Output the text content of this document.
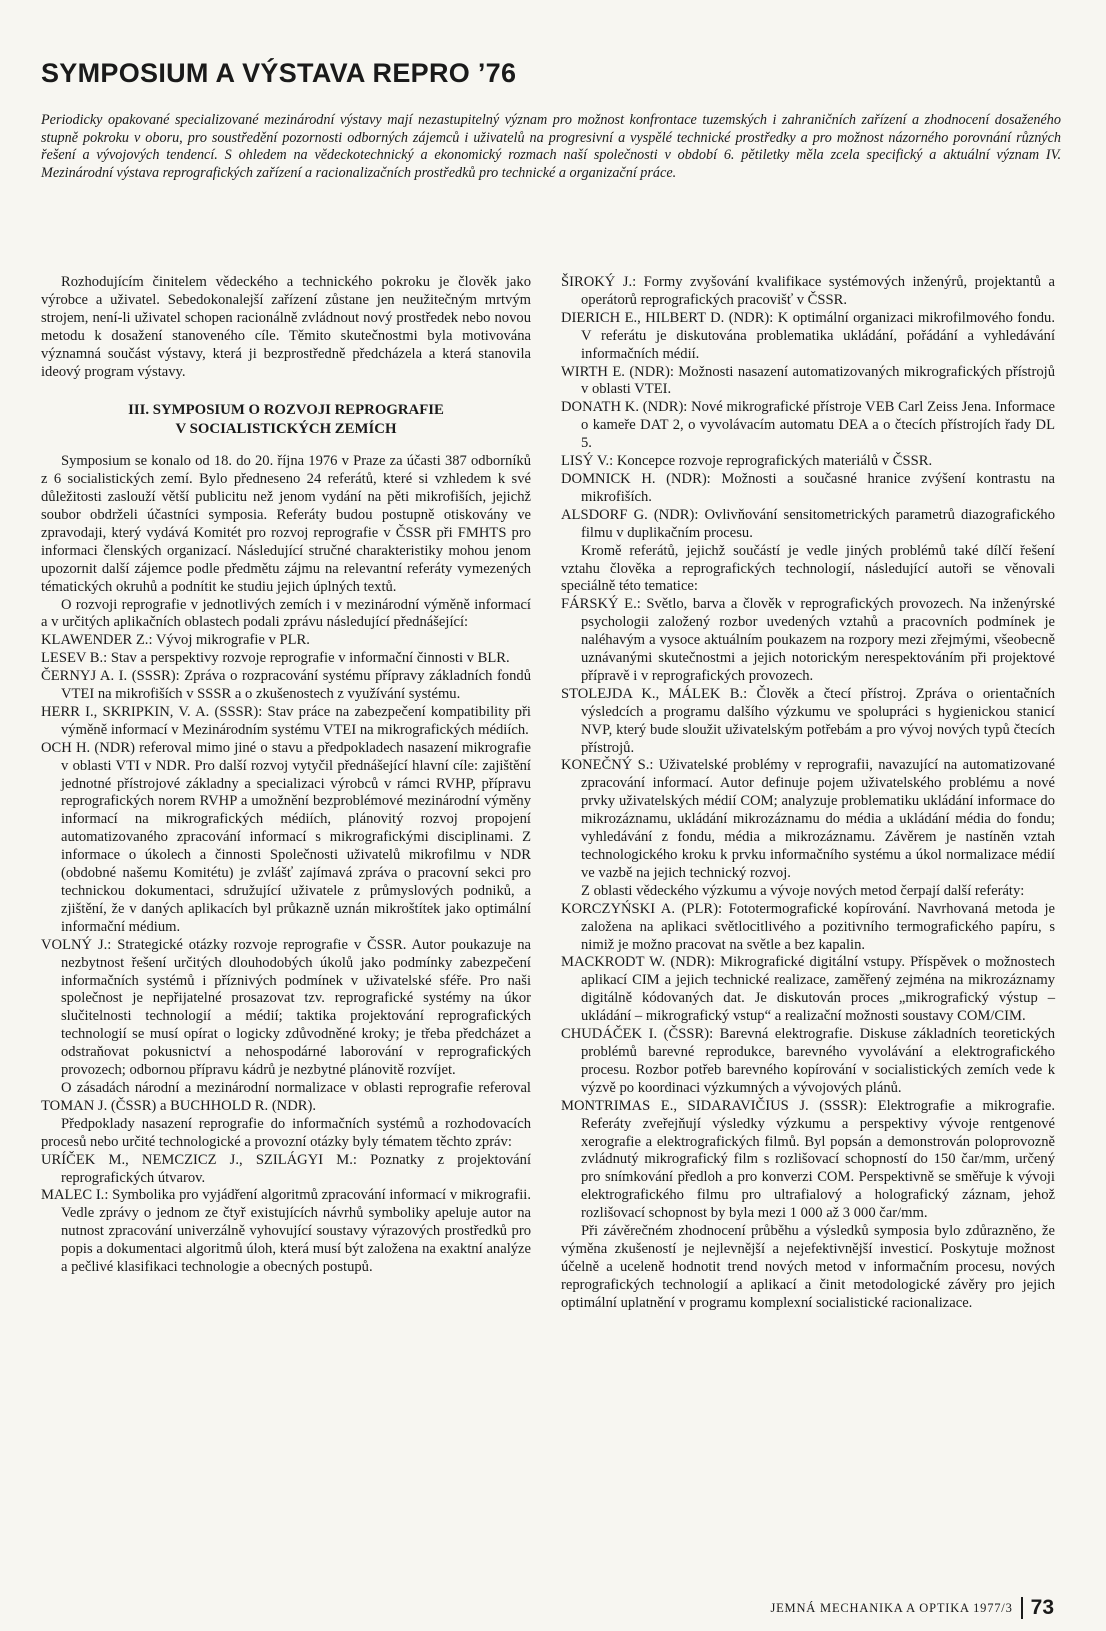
SYMPOSIUM A VÝSTAVA REPRO ’76
Periodicky opakované specializované mezinárodní výstavy mají nezastupitelný význam pro možnost konfrontace tuzemských i zahraničních zařízení a zhodnocení dosaženého stupně pokroku v oboru, pro soustředění pozornosti odborných zájemců i uživatelů na progresivní a vyspělé technické prostředky a pro možnost názorného porovnání různých řešení a vývojových tendencí. S ohledem na vědeckotechnický a ekonomický rozmach naší společnosti v období 6. pětiletky měla zcela specifický a aktuální význam IV. Mezinárodní výstava reprografických zařízení a racionalizačních prostředků pro technické a organizační práce.

Rozhodujícím činitelem vědeckého a technického pokroku je člověk jako výrobce a uživatel. Sebedokonalejší zařízení zůstane jen neužitečným mrtvým strojem, není-li uživatel schopen racionálně zvládnout nový prostředek nebo novou metodu k dosažení stanoveného cíle. Těmito skutečnostmi byla motivována významná součást výstavy, která ji bezprostředně předcházela a která stanovila ideový program výstavy.

III. SYMPOSIUM O ROZVOJI REPROGRAFIE
V SOCIALISTICKÝCH ZEMÍCH

Symposium se konalo od 18. do 20. října 1976 v Praze za účasti 387 odborníků z 6 socialistických zemí. Bylo předneseno 24 referátů, které si vzhledem k své důležitosti zaslouží větší publicitu než jenom vydání na pěti mikrofiších, jejichž soubor obdrželi účastníci symposia. Referáty budou postupně otiskovány ve zpravodaji, který vydává Komitét pro rozvoj reprografie v ČSSR při FMHTS pro informaci členských organizací. Následující stručné charakteristiky mohou jenom upozornit další zájemce podle předmětu zájmu na relevantní referáty vymezených tématických okruhů a podnítit ke studiu jejich úplných textů.

O rozvoji reprografie v jednotlivých zemích i v mezinárodní výměně informací a v určitých aplikačních oblastech podali zprávu následující přednášející:

KLAWENDER Z.: Vývoj mikrografie v PLR.

LESEV B.: Stav a perspektivy rozvoje reprografie v informační činnosti v BLR.

ČERNYJ A. I. (SSSR): Zpráva o rozpracování systému přípravy základních fondů VTEI na mikrofiších v SSSR a o zkušenostech z využívání systému.

HERR I., SKRIPKIN, V. A. (SSSR): Stav práce na zabezpečení kompatibility při výměně informací v Mezinárodním systému VTEI na mikrografických médiích.

OCH H. (NDR) referoval mimo jiné o stavu a předpokladech nasazení mikrografie v oblasti VTI v NDR. Pro další rozvoj vytyčil přednášející hlavní cíle: zajištění jednotné přístrojové základny a specializaci výrobců v rámci RVHP, přípravu reprografických norem RVHP a umožnění bezproblémové mezinárodní výměny informací na mikrografických médiích, plánovitý rozvoj propojení automatizovaného zpracování informací s mikrografickými disciplinami. Z informace o úkolech a činnosti Společnosti uživatelů mikrofilmu v NDR (obdobné našemu Komitétu) je zvlášť zajímavá zpráva o pracovní sekci pro technickou dokumentaci, sdružující uživatele z průmyslových podniků, a zjištění, že v daných aplikacích byl průkazně uznán mikroštítek jako optimální informační médium.

VOLNÝ J.: Strategické otázky rozvoje reprografie v ČSSR. Autor poukazuje na nezbytnost řešení určitých dlouhodobých úkolů jako podmínky zabezpečení informačních systémů i příznivých podmínek v uživatelské sféře. Pro naši společnost je nepřijatelné prosazovat tzv. reprografické systémy na úkor slučitelnosti technologií a médií; taktika projektování reprografických technologií se musí opírat o logicky zdůvodněné kroky; je třeba předcházet a odstraňovat pokusnictví a nehospodárné laborování v reprografických provozech; odbornou přípravu kádrů je nezbytné plánovitě rozvíjet.

O zásadách národní a mezinárodní normalizace v oblasti reprografie referoval TOMAN J. (ČSSR) a BUCHHOLD R. (NDR).

Předpoklady nasazení reprografie do informačních systémů a rozhodovacích procesů nebo určité technologické a provozní otázky byly tématem těchto zpráv:

URÍČEK M., NEMCZICZ J., SZILÁGYI M.: Poznatky z projektování reprografických útvarov.

MALEC I.: Symbolika pro vyjádření algoritmů zpracování informací v mikrografii. Vedle zprávy o jednom ze čtyř existujících návrhů symboliky apeluje autor na nutnost zpracování univerzálně vyhovující soustavy výrazových prostředků pro popis a dokumentaci algoritmů úloh, která musí být založena na exaktní analýze a pečlivé klasifikaci technologie a obecných postupů.

ŠIROKÝ J.: Formy zvyšování kvalifikace systémových inženýrů, projektantů a operátorů reprografických pracovišť v ČSSR.

DIERICH E., HILBERT D. (NDR): K optimální organizaci mikrofilmového fondu. V referátu je diskutována problematika ukládání, pořádání a vyhledávání informačních médií.

WIRTH E. (NDR): Možnosti nasazení automatizovaných mikrografických přístrojů v oblasti VTEI.

DONATH K. (NDR): Nové mikrografické přístroje VEB Carl Zeiss Jena. Informace o kameře DAT 2, o vyvolávacím automatu DEA a o čtecích přístrojích řady DL 5.

LISÝ V.: Koncepce rozvoje reprografických materiálů v ČSSR.

DOMNICK H. (NDR): Možnosti a současné hranice zvýšení kontrastu na mikrofiších.

ALSDORF G. (NDR): Ovlivňování sensitometrických parametrů diazografického filmu v duplikačním procesu.

Kromě referátů, jejichž součástí je vedle jiných problémů také dílčí řešení vztahu člověka a reprografických technologií, následující autoři se věnovali speciálně této tematice:

FÁRSKÝ E.: Světlo, barva a člověk v reprografických provozech. Na inženýrské psychologii založený rozbor uvedených vztahů a pracovních podmínek je naléhavým a vysoce aktuálním poukazem na rozpory mezi zřejmými, všeobecně uznávanými skutečnostmi a jejich notorickým nerespektováním při projektové přípravě i v reprografických provozech.

STOLEJDA K., MÁLEK B.: Člověk a čtecí přístroj. Zpráva o orientačních výsledcích a programu dalšího výzkumu ve spolupráci s hygienickou stanicí NVP, který bude sloužit uživatelským potřebám a pro vývoj nových typů čtecích přístrojů.

KONEČNÝ S.: Uživatelské problémy v reprografii, navazující na automatizované zpracování informací. Autor definuje pojem uživatelského problému a nové prvky uživatelských médií COM; analyzuje problematiku ukládání informace do mikrozáznamu, ukládání mikrozáznamu do média a ukládání média do fondu; vyhledávání z fondu, média a mikrozáznamu. Závěrem je nastíněn vztah technologického kroku k prvku informačního systému a úkol normalizace médií ve vazbě na jejich technický rozvoj.

Z oblasti vědeckého výzkumu a vývoje nových metod čerpají další referáty:

KORCZYŃSKI A. (PLR): Fototermografické kopírování. Navrhovaná metoda je založena na aplikaci světlocitlivého a pozitivního termografického papíru, s nimiž je možno pracovat na světle a bez kapalin.

MACKRODT W. (NDR): Mikrografické digitální vstupy. Příspěvek o možnostech aplikací CIM a jejich technické realizace, zaměřený zejména na mikrozáznamy digitálně kódovaných dat. Je diskutován proces „mikrografický výstup – ukládání – mikrografický vstup“ a realizační možnosti soustavy COM/CIM.

CHUDÁČEK I. (ČSSR): Barevná elektrografie. Diskuse základních teoretických problémů barevné reprodukce, barevného vyvolávání a elektrografického procesu. Rozbor potřeb barevného kopírování v socialistických zemích vede k výzvě po koordinaci výzkumných a vývojových plánů.

MONTRIMAS E., SIDARAVIČIUS J. (SSSR): Elektrografie a mikrografie. Referáty zveřejňují výsledky výzkumu a perspektivy vývoje rentgenové xerografie a elektrografických filmů. Byl popsán a demonstrován poloprovozně zvládnutý mikrografický film s rozlišovací schopností do 150 čar/mm, určený pro snímkování předloh a pro konverzi COM. Perspektivně se směřuje k vývoji elektrografického filmu pro ultrafialový a holografický záznam, jehož rozlišovací schopnost by byla mezi 1 000 až 3 000 čar/mm.

Při závěrečném zhodnocení průběhu a výsledků symposia bylo zdůrazněno, že výměna zkušeností je nejlevnější a nejefektivnější investicí. Poskytuje možnost účelně a uceleně hodnotit trend nových metod v informačním procesu, nových reprografických technologií a aplikací a činit metodologické závěry pro jejich optimální uplatnění v programu komplexní socialistické racionalizace.

JEMNÁ MECHANIKA A OPTIKA 1977/3 73
